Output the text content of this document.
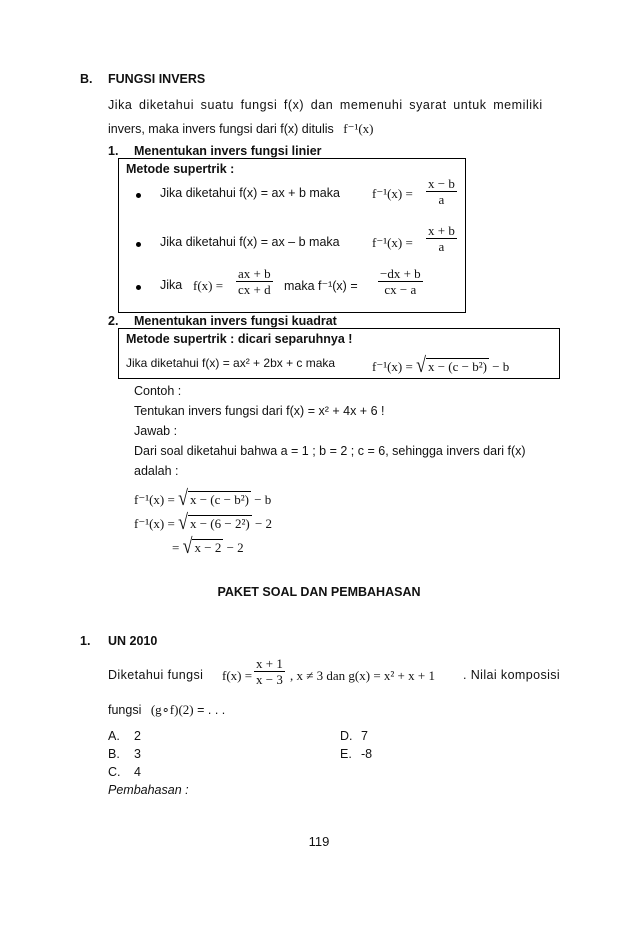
B. FUNGSI INVERS
Jika diketahui suatu fungsi f(x) dan memenuhi syarat untuk memiliki
invers, maka invers fungsi dari f(x) ditulis f⁻¹(x)
1. Menentukan invers fungsi linier
Metode supertrik :
Jika diketahui f(x) = ax + b maka $f^{-1}(x) = \frac{x - b}{a}$
Jika diketahui f(x) = ax – b maka $f^{-1}(x) = \frac{x + b}{a}$
Jika $f(x) = \frac{ax + b}{cx + d}$ maka $f^{-1}(x) = \frac{-dx + b}{cx - a}$
2. Menentukan invers fungsi kuadrat
Metode supertrik : dicari separuhnya !
Jika diketahui f(x) = ax² + 2bx + c maka	f⁻¹(x) = √ x − (c − b²) − b
Contoh :
Tentukan invers fungsi dari f(x) = x² + 4x + 6 !
Jawab :
Dari soal diketahui bahwa a = 1 ; b = 2 ; c = 6, sehingga invers dari f(x)
adalah :
f⁻¹(x) = √ x − (c − b²) − b
f⁻¹(x) = √ x − (6 − 2²) − 2
= √ x − 2 − 2
PAKET SOAL DAN PEMBAHASAN
1. UN 2010
Diketahui fungsi $f(x) = \frac{x + 1}{x - 3}$ , x ≠ 3 dan g(x) = x² + x + 1 . Nilai komposisi
fungsi (g∘f)(2) = . . .
A. 2
B. 3
C. 4
D. 7
E. -8
Pembahasan :
119
